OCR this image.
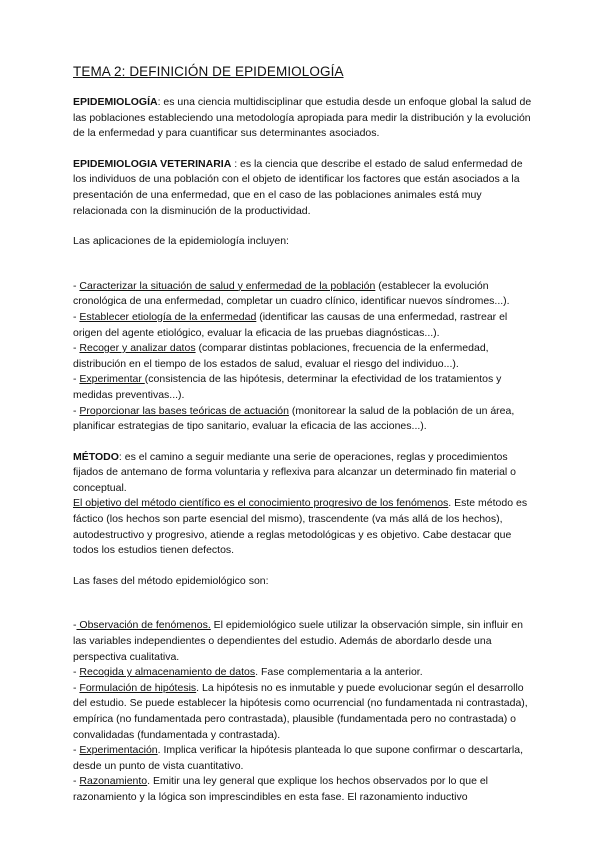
TEMA 2: DEFINICIÓN DE EPIDEMIOLOGÍA

EPIDEMIOLOGÍA: es una ciencia multidisciplinar que estudia desde un enfoque global la salud de las poblaciones estableciendo una metodología apropiada para medir la distribución y la evolución de la enfermedad y para cuantificar sus determinantes asociados.

EPIDEMIOLOGIA VETERINARIA : es la ciencia que describe el estado de salud enfermedad de los individuos de una población con el objeto de identificar los factores que están asociados a la presentación de una enfermedad, que en el caso de las poblaciones animales está muy relacionada con la disminución de la productividad.

Las aplicaciones de la epidemiología incluyen:

- Caracterizar la situación de salud y enfermedad de la población (establecer la evolución cronológica de una enfermedad, completar un cuadro clínico, identificar nuevos síndromes...).

- Establecer etiología de la enfermedad (identificar las causas de una enfermedad, rastrear el origen del agente etiológico, evaluar la eficacia de las pruebas diagnósticas...).

- Recoger y analizar datos (comparar distintas poblaciones, frecuencia de la enfermedad, distribución en el tiempo de los estados de salud, evaluar el riesgo del individuo...).

- Experimentar (consistencia de las hipótesis, determinar la efectividad de los tratamientos y medidas preventivas...).

- Proporcionar las bases teóricas de actuación (monitorear la salud de la población de un área, planificar estrategias de tipo sanitario, evaluar la eficacia de las acciones...).

MÉTODO: es el camino a seguir mediante una serie de operaciones, reglas y procedimientos fijados de antemano de forma voluntaria y reflexiva para alcanzar un determinado fin material o conceptual.
El objetivo del método científico es el conocimiento progresivo de los fenómenos. Este método es fáctico (los hechos son parte esencial del mismo), trascendente (va más allá de los hechos), autodestructivo y progresivo, atiende a reglas metodológicas y es objetivo. Cabe destacar que todos los estudios tienen defectos.

Las fases del método epidemiológico son:

- Observación de fenómenos. El epidemiológico suele utilizar la observación simple, sin influir en las variables independientes o dependientes del estudio. Además de abordarlo desde una perspectiva cualitativa.

- Recogida y almacenamiento de datos. Fase complementaria a la anterior.

- Formulación de hipótesis. La hipótesis no es inmutable y puede evolucionar según el desarrollo del estudio. Se puede establecer la hipótesis como ocurrencial (no fundamentada ni contrastada), empírica (no fundamentada pero contrastada), plausible (fundamentada pero no contrastada) o convalidadas (fundamentada y contrastada).

- Experimentación. Implica verificar la hipótesis planteada lo que supone confirmar o descartarla, desde un punto de vista cuantitativo.

- Razonamiento. Emitir una ley general que explique los hechos observados por lo que el razonamiento y la lógica son imprescindibles en esta fase. El razonamiento inductivo
